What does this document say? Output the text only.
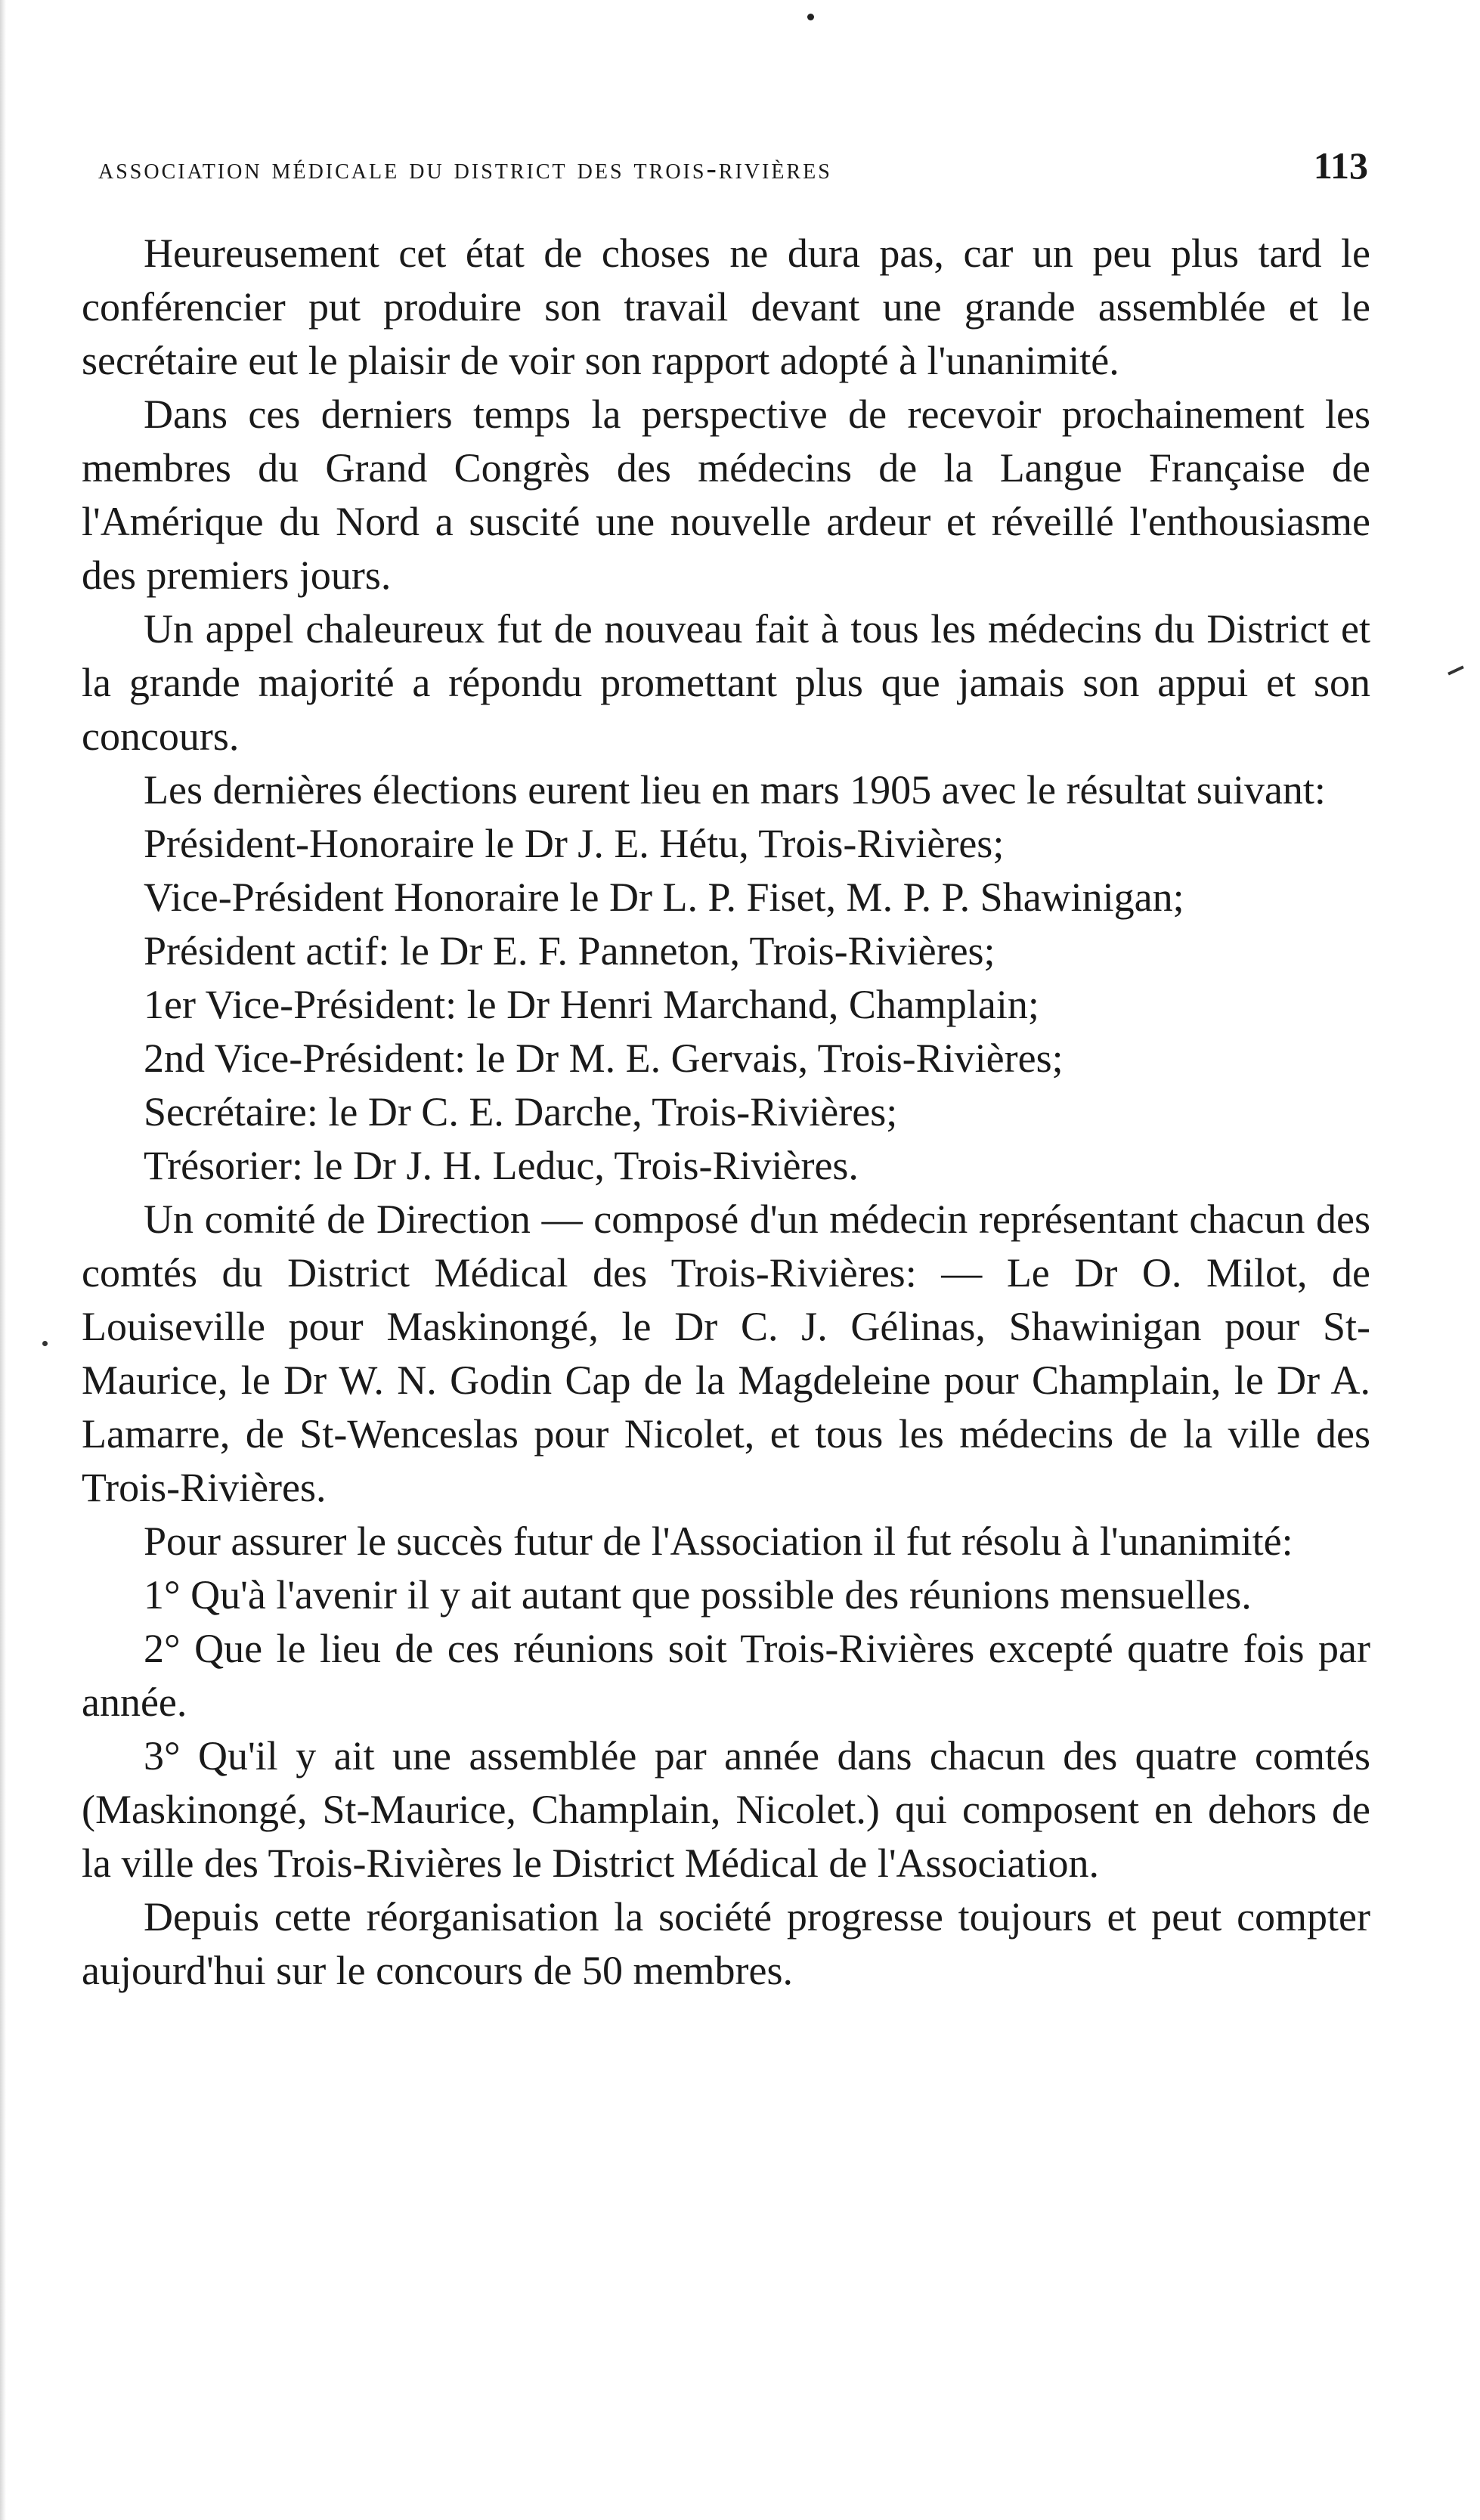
association médicale du district des trois-rivières	113

Heureusement cet état de choses ne dura pas, car un peu plus tard le conférencier put produire son travail devant une grande assemblée et le secrétaire eut le plaisir de voir son rapport adopté à l'unanimité.

Dans ces derniers temps la perspective de recevoir prochainement les membres du Grand Congrès des médecins de la Langue Française de l'Amérique du Nord a suscité une nouvelle ardeur et réveillé l'enthousiasme des premiers jours.

Un appel chaleureux fut de nouveau fait à tous les médecins du District et la grande majorité a répondu promettant plus que jamais son appui et son concours.

Les dernières élections eurent lieu en mars 1905 avec le résultat suivant:

Président-Honoraire le Dr J. E. Hétu, Trois-Rivières;

Vice-Président Honoraire le Dr L. P. Fiset, M. P. P. Shawinigan;

Président actif: le Dr E. F. Panneton, Trois-Rivières;

1er Vice-Président: le Dr Henri Marchand, Champlain;

2nd Vice-Président: le Dr M. E. Gervais, Trois-Rivières;

Secrétaire: le Dr C. E. Darche, Trois-Rivières;

Trésorier: le Dr J. H. Leduc, Trois-Rivières.

Un comité de Direction — composé d'un médecin représentant chacun des comtés du District Médical des Trois-Rivières: — Le Dr O. Milot, de Louiseville pour Maskinongé, le Dr C. J. Gélinas, Shawinigan pour St-Maurice, le Dr W. N. Godin Cap de la Magdeleine pour Champlain, le Dr A. Lamarre, de St-Wenceslas pour Nicolet, et tous les médecins de la ville des Trois-Rivières.

Pour assurer le succès futur de l'Association il fut résolu à l'unanimité:

1° Qu'à l'avenir il y ait autant que possible des réunions mensuelles.

2° Que le lieu de ces réunions soit Trois-Rivières excepté quatre fois par année.

3° Qu'il y ait une assemblée par année dans chacun des quatre comtés (Maskinongé, St-Maurice, Champlain, Nicolet.) qui composent en dehors de la ville des Trois-Rivières le District Médical de l'Association.

Depuis cette réorganisation la société progresse toujours et peut compter aujourd'hui sur le concours de 50 membres.
